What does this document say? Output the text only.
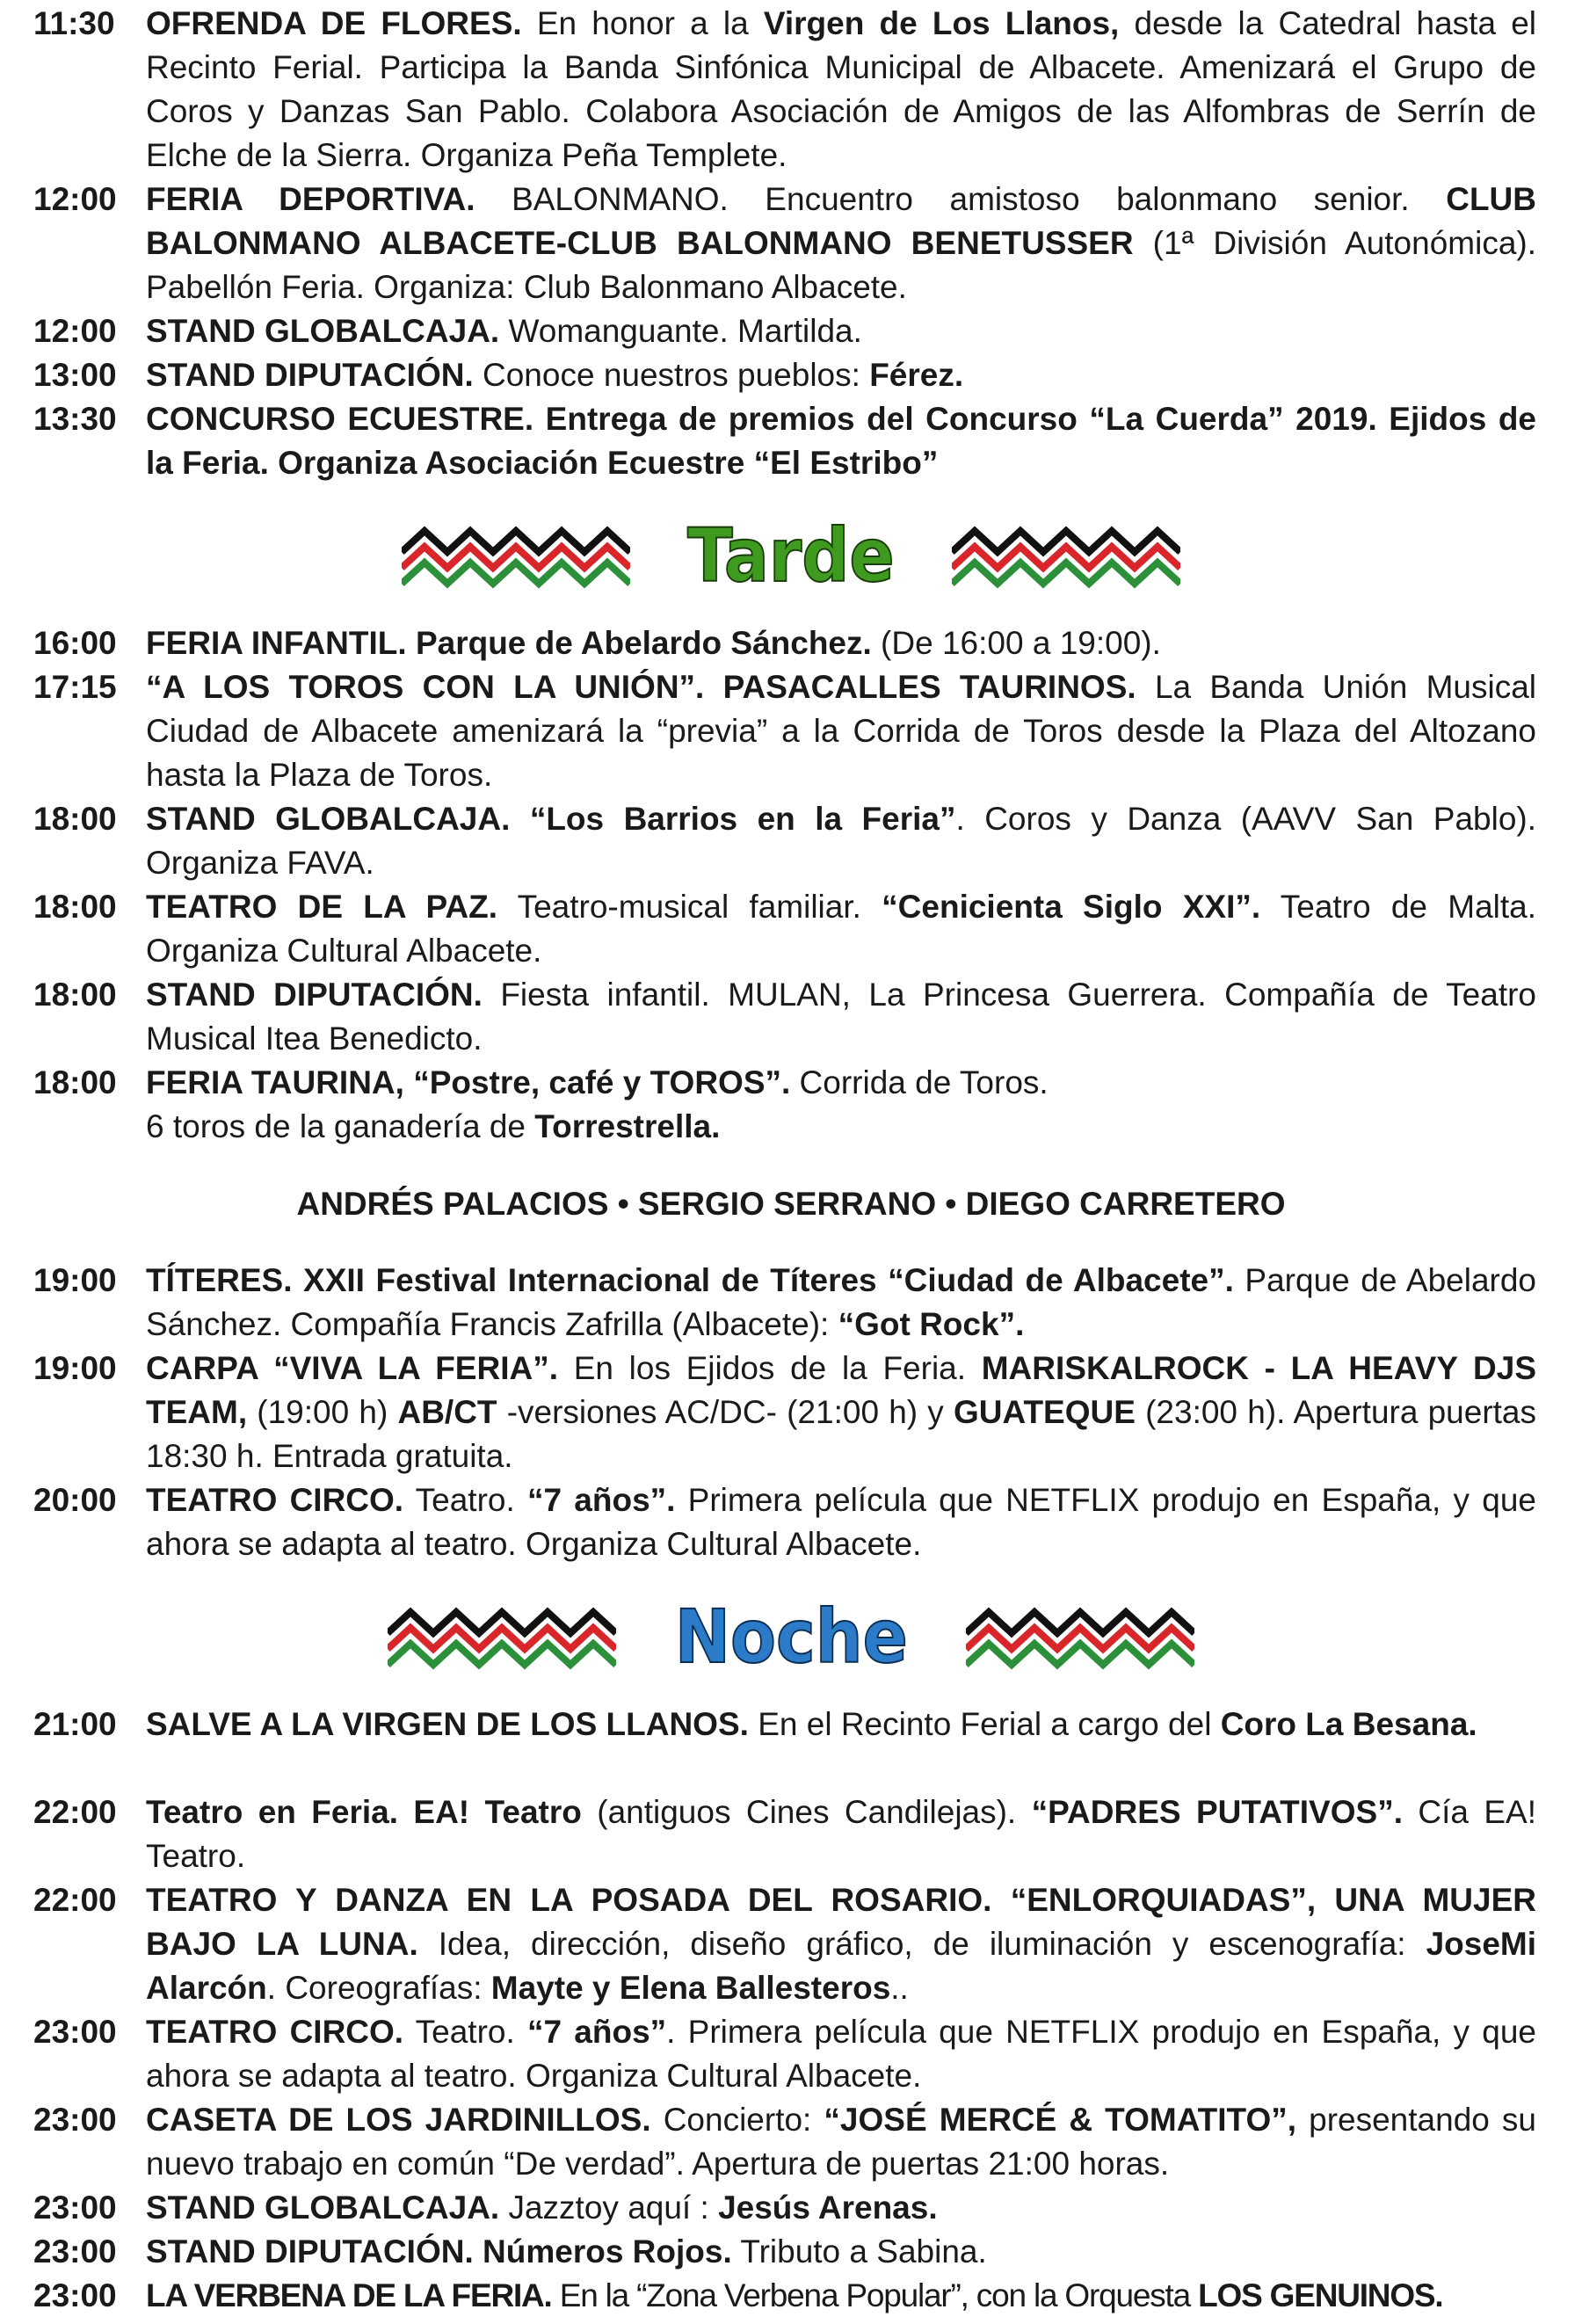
11:30 OFRENDA DE FLORES. En honor a la Virgen de Los Llanos, desde la Catedral hasta el Recinto Ferial. Participa la Banda Sinfónica Municipal de Albacete. Amenizará el Grupo de Coros y Danzas San Pablo. Colabora Asociación de Amigos de las Alfombras de Serrín de Elche de la Sierra. Organiza Peña Templete.
12:00 FERIA DEPORTIVA. BALONMANO. Encuentro amistoso balonmano senior. CLUB BALONMANO ALBACETE-CLUB BALONMANO BENETUSSER (1ª División Autonómica). Pabellón Feria. Organiza: Club Balonmano Albacete.
12:00 STAND GLOBALCAJA. Womanguante. Martilda.
13:00 STAND DIPUTACIÓN. Conoce nuestros pueblos: Férez.
13:30 CONCURSO ECUESTRE. Entrega de premios del Concurso “La Cuerda” 2019. Ejidos de la Feria. Organiza Asociación Ecuestre “El Estribo”
Tarde
16:00 FERIA INFANTIL. Parque de Abelardo Sánchez. (De 16:00 a 19:00).
17:15 “A LOS TOROS CON LA UNIÓN”. PASACALLES TAURINOS. La Banda Unión Musical Ciudad de Albacete amenizará la “previa” a la Corrida de Toros desde la Plaza del Altozano hasta la Plaza de Toros.
18:00 STAND GLOBALCAJA. “Los Barrios en la Feria”. Coros y Danza (AAVV San Pablo). Organiza FAVA.
18:00 TEATRO DE LA PAZ. Teatro-musical familiar. “Cenicienta Siglo XXI”. Teatro de Malta. Organiza Cultural Albacete.
18:00 STAND DIPUTACIÓN. Fiesta infantil. MULAN, La Princesa Guerrera. Compañía de Teatro Musical Itea Benedicto.
18:00 FERIA TAURINA, “Postre, café y TOROS”. Corrida de Toros.
6 toros de la ganadería de Torrestrella.
ANDRÉS PALACIOS • SERGIO SERRANO • DIEGO CARRETERO
19:00 TÍTERES. XXII Festival Internacional de Títeres “Ciudad de Albacete”. Parque de Abelardo Sánchez. Compañía Francis Zafrilla (Albacete): “Got Rock”.
19:00 CARPA “VIVA LA FERIA”. En los Ejidos de la Feria. MARISKALROCK - LA HEAVY DJS TEAM, (19:00 h) AB/CT -versiones AC/DC- (21:00 h) y GUATEQUE (23:00 h). Apertura puertas 18:30 h. Entrada gratuita.
20:00 TEATRO CIRCO. Teatro. “7 años”. Primera película que NETFLIX produjo en España, y que ahora se adapta al teatro. Organiza Cultural Albacete.
Noche
21:00 SALVE A LA VIRGEN DE LOS LLANOS. En el Recinto Ferial a cargo del Coro La Besana.
22:00 Teatro en Feria. EA! Teatro (antiguos Cines Candilejas). “PADRES PUTATIVOS”. Cía EA! Teatro.
22:00 TEATRO Y DANZA EN LA POSADA DEL ROSARIO. “ENLORQUIADAS”, UNA MUJER BAJO LA LUNA. Idea, dirección, diseño gráfico, de iluminación y escenografía: JoseMi Alarcón. Coreografías: Mayte y Elena Ballesteros..
23:00 TEATRO CIRCO. Teatro. “7 años”. Primera película que NETFLIX produjo en España, y que ahora se adapta al teatro. Organiza Cultural Albacete.
23:00 CASETA DE LOS JARDINILLOS. Concierto: “JOSÉ MERCÉ & TOMATITO”, presentando su nuevo trabajo en común “De verdad”. Apertura de puertas 21:00 horas.
23:00 STAND GLOBALCAJA. Jazztoy aquí : Jesús Arenas.
23:00 STAND DIPUTACIÓN. Números Rojos. Tributo a Sabina.
23:00 LA VERBENA DE LA FERIA. En la “Zona Verbena Popular”, con la Orquesta LOS GENUINOS.
